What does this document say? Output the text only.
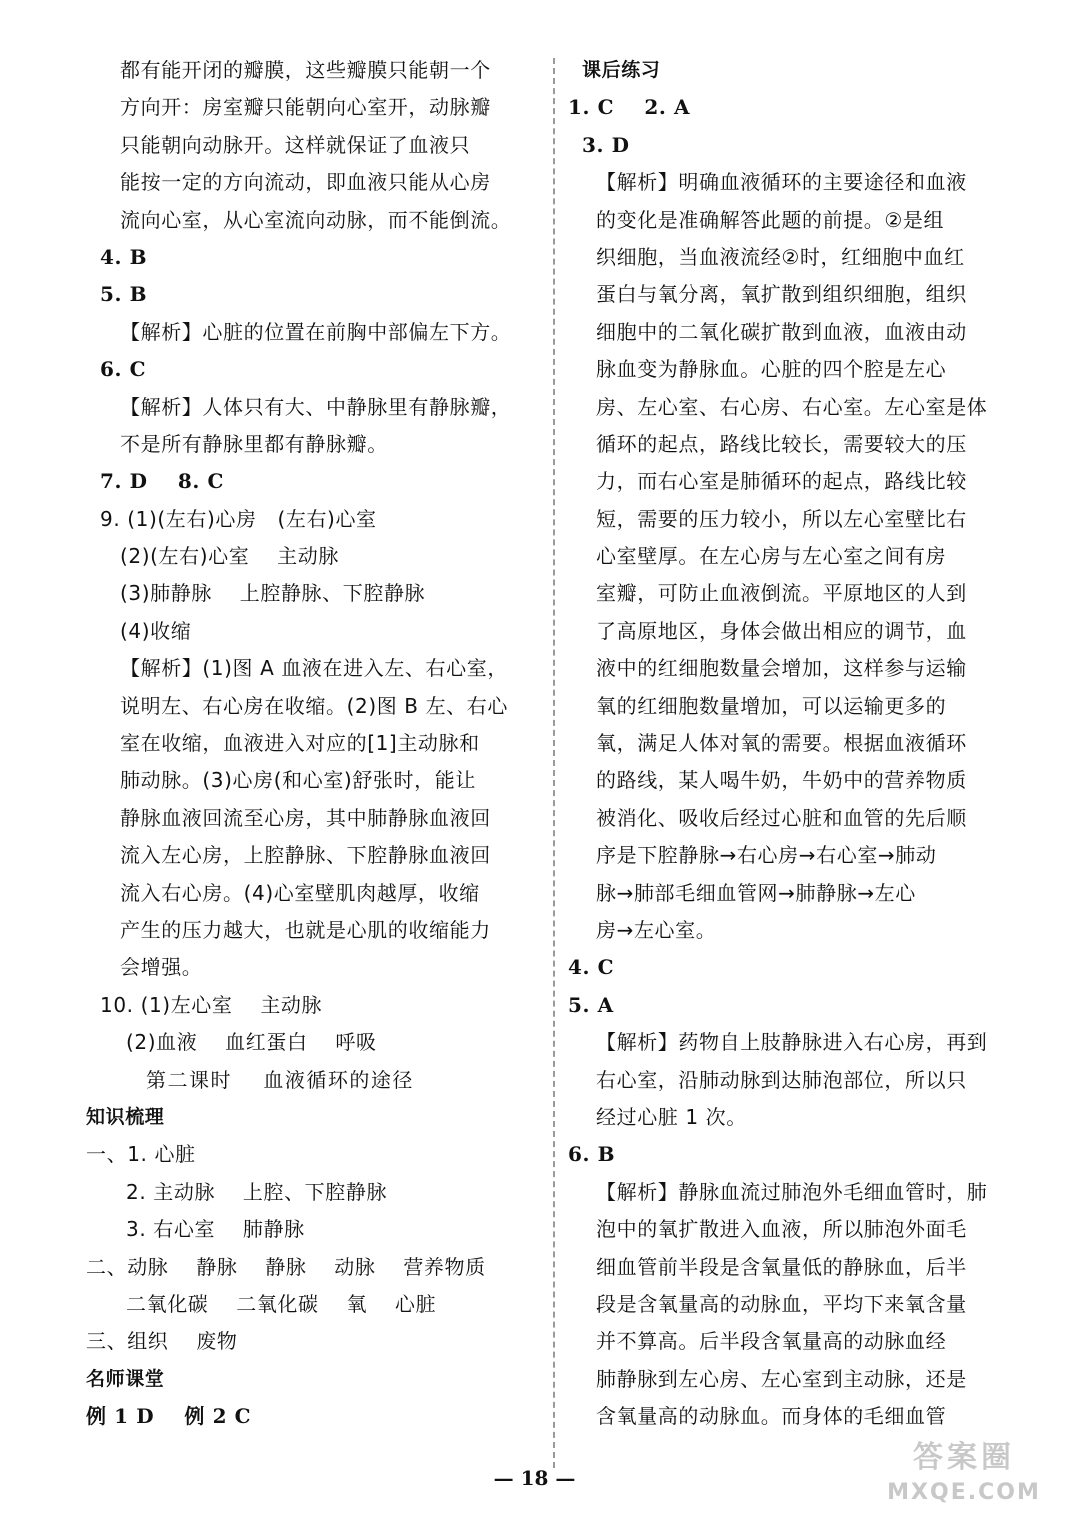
都有能开闭的瓣膜，这些瓣膜只能朝一个
方向开：房室瓣只能朝向心室开，动脉瓣
只能朝向动脉开。这样就保证了血液只
能按一定的方向流动，即血液只能从心房
流向心室，从心室流向动脉，而不能倒流。
4. B
5. B
【解析】心脏的位置在前胸中部偏左下方。
6. C
【解析】人体只有大、中静脉里有静脉瓣，
不是所有静脉里都有静脉瓣。
7. D    8. C
9. (1)(左右)心房   (左右)心室
(2)(左右)心室    主动脉
(3)肺静脉    上腔静脉、下腔静脉
(4)收缩
【解析】(1)图 A 血液在进入左、右心室，
说明左、右心房在收缩。(2)图 B 左、右心
室在收缩，血液进入对应的[1]主动脉和
肺动脉。(3)心房(和心室)舒张时，能让
静脉血液回流至心房，其中肺静脉血液回
流入左心房，上腔静脉、下腔静脉血液回
流入右心房。(4)心室壁肌肉越厚，收缩
产生的压力越大，也就是心肌的收缩能力
会增强。
10. (1)左心室    主动脉
(2)血液    血红蛋白    呼吸
第二课时    血液循环的途径
知识梳理
一、1. 心脏
2. 主动脉    上腔、下腔静脉
3. 右心室    肺静脉
二、动脉    静脉    静脉    动脉    营养物质
二氧化碳    二氧化碳    氧    心脏
三、组织    废物
名师课堂
例 1 D    例 2 C
课后练习
1. C    2. A
3. D
【解析】明确血液循环的主要途径和血液
的变化是准确解答此题的前提。②是组
织细胞，当血液流经②时，红细胞中血红
蛋白与氧分离，氧扩散到组织细胞，组织
细胞中的二氧化碳扩散到血液，血液由动
脉血变为静脉血。心脏的四个腔是左心
房、左心室、右心房、右心室。左心室是体
循环的起点，路线比较长，需要较大的压
力，而右心室是肺循环的起点，路线比较
短，需要的压力较小，所以左心室壁比右
心室壁厚。在左心房与左心室之间有房
室瓣，可防止血液倒流。平原地区的人到
了高原地区，身体会做出相应的调节，血
液中的红细胞数量会增加，这样参与运输
氧的红细胞数量增加，可以运输更多的
氧，满足人体对氧的需要。根据血液循环
的路线，某人喝牛奶，牛奶中的营养物质
被消化、吸收后经过心脏和血管的先后顺
序是下腔静脉→右心房→右心室→肺动
脉→肺部毛细血管网→肺静脉→左心
房→左心室。
4. C
5. A
【解析】药物自上肢静脉进入右心房，再到
右心室，沿肺动脉到达肺泡部位，所以只
经过心脏 1 次。
6. B
【解析】静脉血流过肺泡外毛细血管时，肺
泡中的氧扩散进入血液，所以肺泡外面毛
细血管前半段是含氧量低的静脉血，后半
段是含氧量高的动脉血，平均下来氧含量
并不算高。后半段含氧量高的动脉血经
肺静脉到左心房、左心室到主动脉，还是
含氧量高的动脉血。而身体的毛细血管
— 18 —
答案圈
MXQE.COM
